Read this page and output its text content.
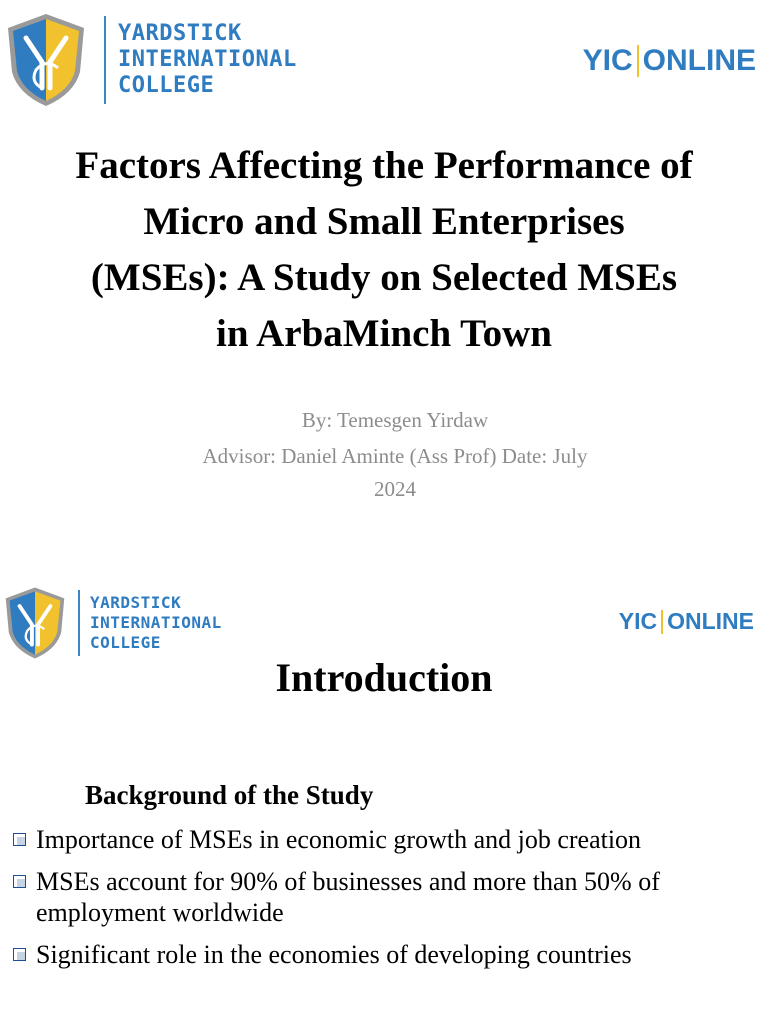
YARDSTICK
INTERNATIONAL
COLLEGE
YIC ONLINE
Factors Affecting the Performance of
Micro and Small Enterprises
(MSEs): A Study on Selected MSEs
in ArbaMinch Town
By: Temesgen Yirdaw
Advisor: Daniel Aminte (Ass Prof) Date: July
2024
YARDSTICK
INTERNATIONAL
COLLEGE
YIC ONLINE
Introduction
Background of the Study
Importance of MSEs in economic growth and job creation
MSEs account for 90% of businesses and more than 50% of employment worldwide
Significant role in the economies of developing countries
